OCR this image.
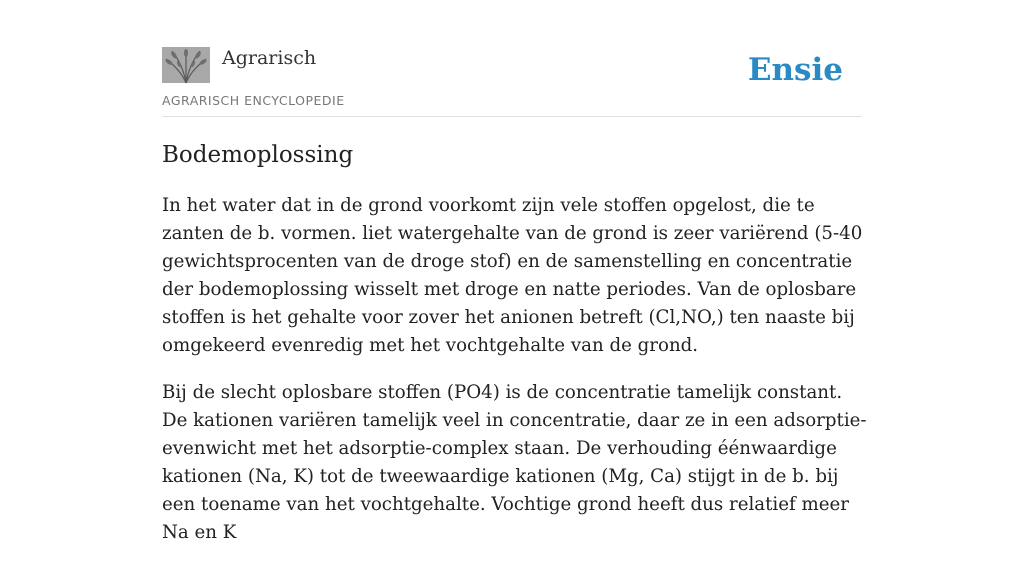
Agrarisch
AGRARISCH ENCYCLOPEDIE
Ensie
Bodemoplossing

In het water dat in de grond voorkomt zijn vele stoffen opgelost, die te zanten de b. vormen. liet watergehalte van de grond is zeer variërend (5-40 gewichtsprocenten van de droge stof) en de samenstelling en concentratie der bodemoplossing wisselt met droge en natte periodes. Van de oplosbare stoffen is het gehalte voor zover het anionen betreft (Cl,NO,) ten naaste bij omgekeerd evenredig met het vochtgehalte van de grond.

Bij de slecht oplosbare stoffen (PO4) is de concentratie tamelijk constant. De kationen variëren tamelijk veel in concentratie, daar ze in een adsorptie-evenwicht met het adsorptie-complex staan. De verhouding éénwaardige kationen (Na, K) tot de tweewaardige kationen (Mg, Ca) stijgt in de b. bij een toename van het vochtgehalte. Vochtige grond heeft dus relatief meer Na en K
